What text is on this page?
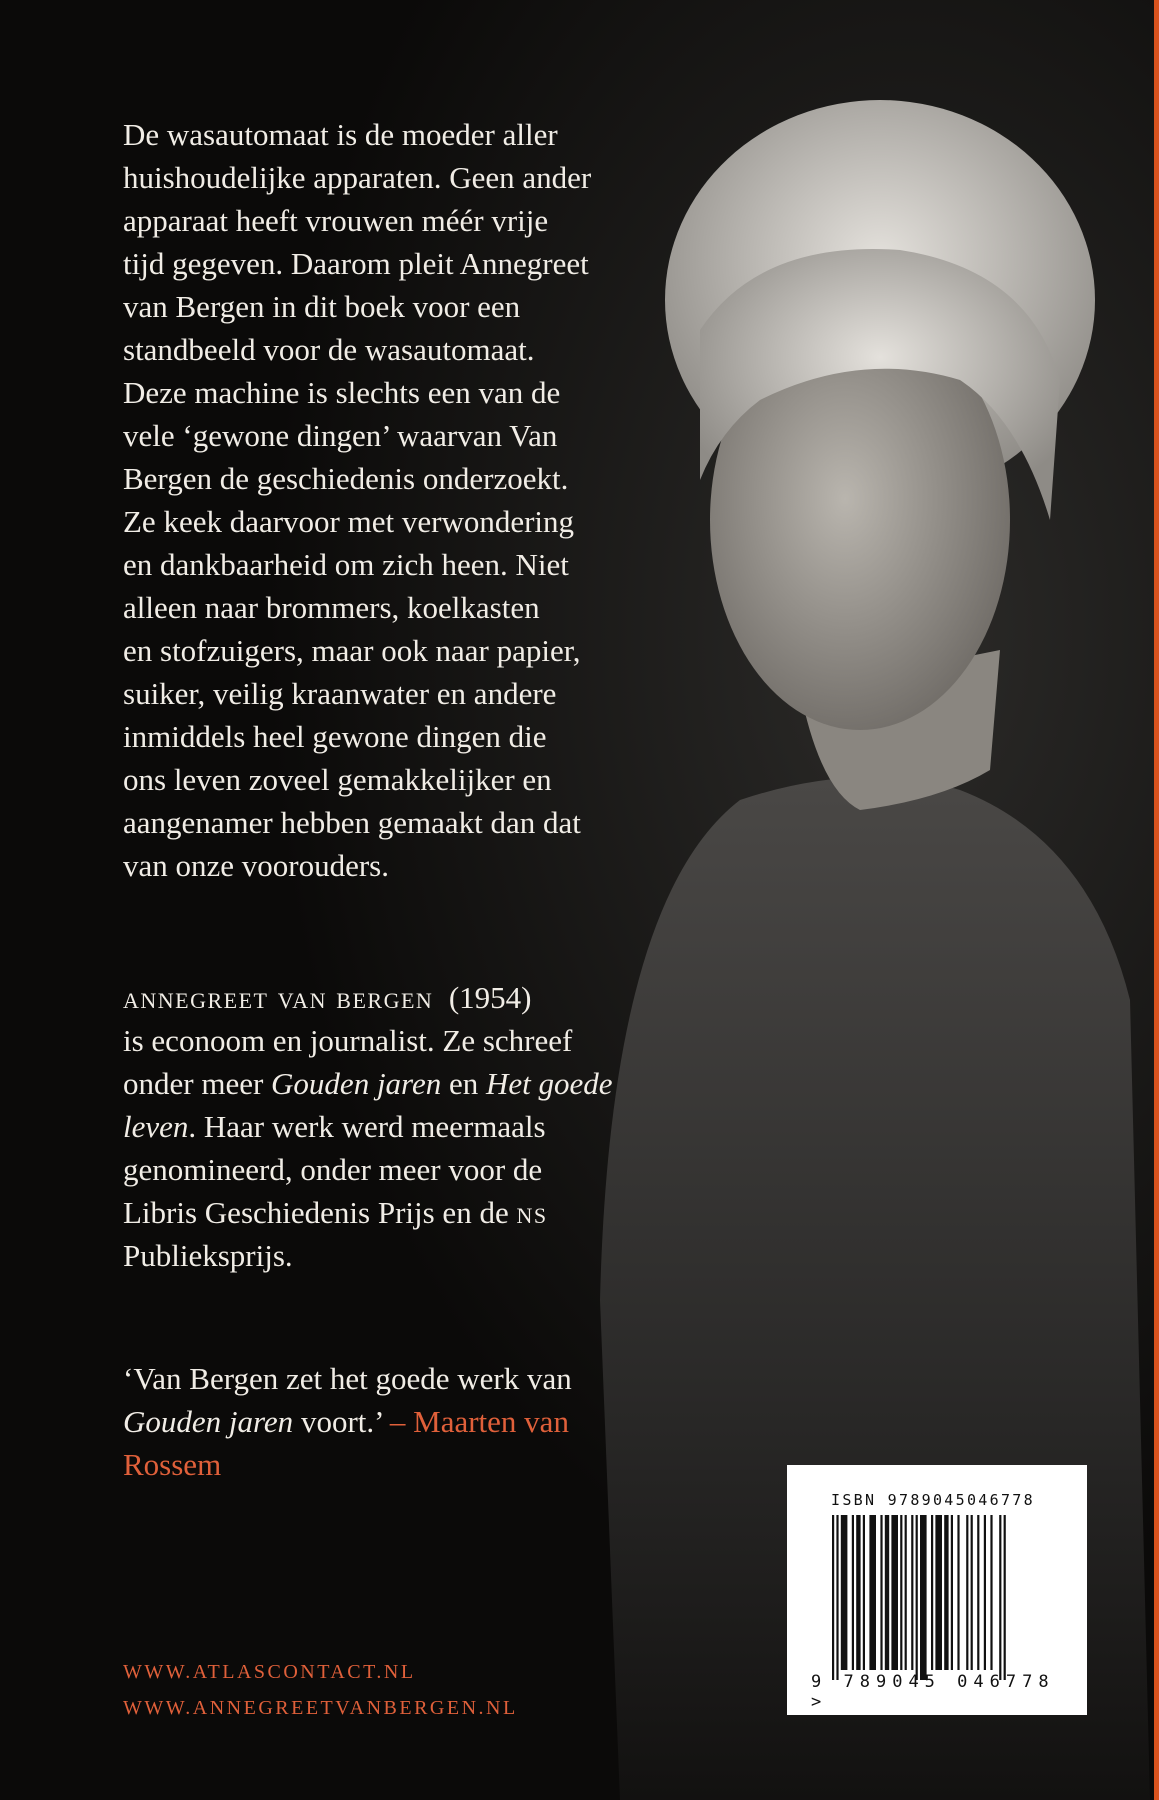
De wasautomaat is de moeder aller
huishoudelijke apparaten. Geen ander
apparaat heeft vrouwen méér vrije
tijd gegeven. Daarom pleit Annegreet
van Bergen in dit boek voor een
standbeeld voor de wasautomaat.
Deze machine is slechts een van de
vele ‘gewone dingen’ waarvan Van
Bergen de geschiedenis onderzoekt.
Ze keek daarvoor met verwondering
en dankbaarheid om zich heen. Niet
alleen naar brommers, koelkasten
en stofzuigers, maar ook naar papier,
suiker, veilig kraanwater en andere
inmiddels heel gewone dingen die
ons leven zoveel gemakkelijker en
aangenamer hebben gemaakt dan dat
van onze voorouders.
annegreet van bergen (1954)
is econoom en journalist. Ze schreef
onder meer Gouden jaren en Het goede
leven. Haar werk werd meermaals
genomineerd, onder meer voor de
Libris Geschiedenis Prijs en de ns
Publieksprijs.
‘Van Bergen zet het goede werk van
Gouden jaren voort.’ – Maarten van
Rossem
WWW.ATLASCONTACT.NL
WWW.ANNEGREETVANBERGEN.NL
ISBN 9789045046778
9 789045 046778 >
